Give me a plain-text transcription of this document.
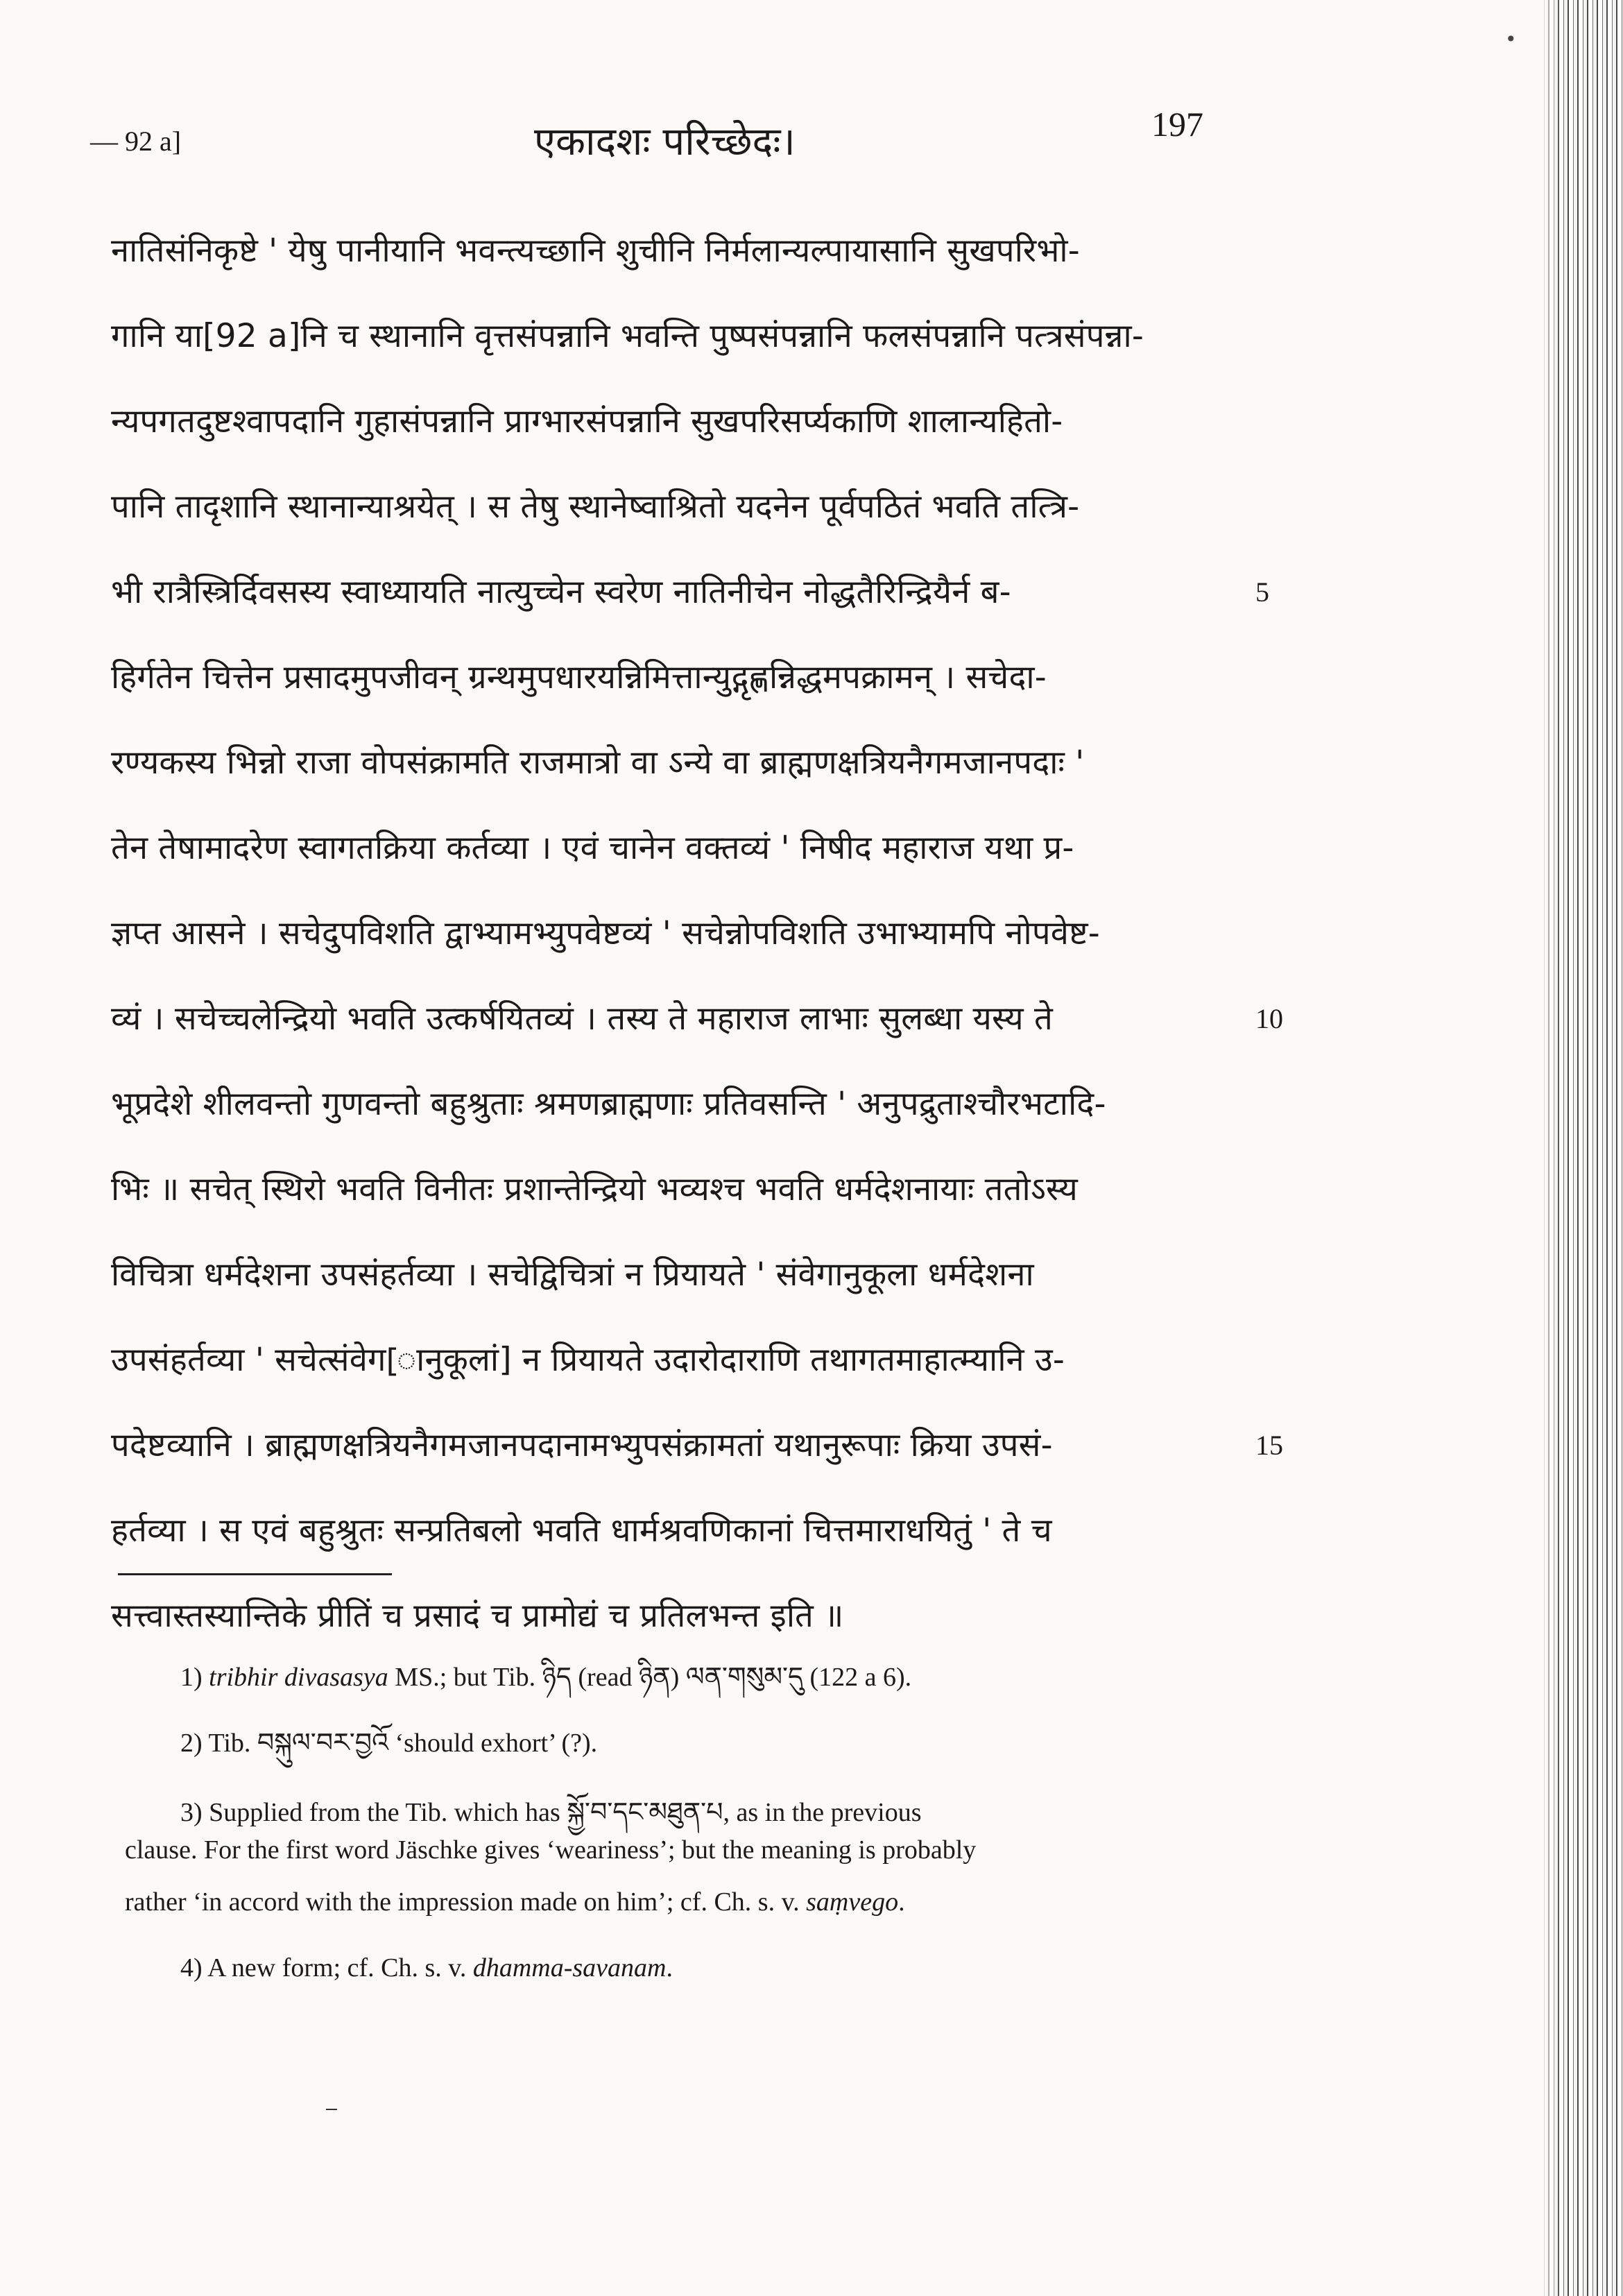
•
— 92 a]	एकादशः परिच्छेदः।	197
नातिसंनिकृष्टे ' येषु पानीयानि भवन्त्यच्छानि शुचीनि निर्मलान्यल्पायासानि सुखपरिभो-
गानि या[92 a]नि च स्थानानि वृत्तसंपन्नानि भवन्ति पुष्पसंपन्नानि फलसंपन्नानि पत्त्रसंपन्ना-
न्यपगतदुष्टश्वापदानि गुहासंपन्नानि प्राग्भारसंपन्नानि सुखपरिसर्प्यकाणि शालान्यहितो-
पानि तादृशानि स्थानान्याश्रयेत् । स तेषु स्थानेष्वाश्रितो यदनेन पूर्वपठितं भवति तत्त्रि-
भी रात्रैस्त्रिर्दिवसस्य स्वाध्यायति नात्युच्चेन स्वरेण नातिनीचेन नोद्धतैरिन्द्रियैर्न ब-	5
हिर्गतेन चित्तेन प्रसादमुपजीवन् ग्रन्थमुपधारयन्निमित्तान्युद्गृह्णन्निद्धमपक्रामन् । सचेदा-
रण्यकस्य भिन्नो राजा वोपसंक्रामति राजमात्रो वा ऽन्ये वा ब्राह्मणक्षत्रियनैगमजानपदाः '
तेन तेषामादरेण स्वागतक्रिया कर्तव्या । एवं चानेन वक्तव्यं ' निषीद महाराज यथा प्र-
ज्ञप्त आसने । सचेदुपविशति द्वाभ्यामभ्युपवेष्टव्यं ' सचेन्नोपविशति उभाभ्यामपि नोपवेष्ट-
व्यं । सचेच्चलेन्द्रियो भवति उत्कर्षयितव्यं । तस्य ते महाराज लाभाः सुलब्धा यस्य ते	10
भूप्रदेशे शीलवन्तो गुणवन्तो बहुश्रुताः श्रमणब्राह्मणाः प्रतिवसन्ति ' अनुपद्रुताश्चौरभटादि-
भिः ॥ सचेत् स्थिरो भवति विनीतः प्रशान्तेन्द्रियो भव्यश्च भवति धर्मदेशनायाः ततोऽस्य
विचित्रा धर्मदेशना उपसंहर्तव्या । सचेद्विचित्रां न प्रियायते ' संवेगानुकूला धर्मदेशना
उपसंहर्तव्या ' सचेत्संवेग[ानुकूलां] न प्रियायते उदारोदाराणि तथागतमाहात्म्यानि उ-
पदेष्टव्यानि । ब्राह्मणक्षत्रियनैगमजानपदानामभ्युपसंक्रामतां यथानुरूपाः क्रिया उपसं-	15
हर्तव्या । स एवं बहुश्रुतः सन्प्रतिबलो भवति धार्मश्रवणिकानां चित्तमाराधयितुं ' ते च
सत्त्वास्तस्यान्तिके प्रीतिं च प्रसादं च प्रामोद्यं च प्रतिलभन्त इति ॥
1) tribhir divasasya MS.; but Tib. ཉིད (read ཉིན) ལན་གསུམ་དུ (122 a 6).
2) Tib. བསྐུལ་བར་བྱའོ ‘should exhort’ (?).
3) Supplied from the Tib. which has སྐྱོ་བ་དང་མཐུན་པ, as in the previous
clause. For the first word Jäschke gives ‘weariness’; but the meaning is probably
rather ‘in accord with the impression made on him’; cf. Ch. s. v. saṃvego.
4) A new form; cf. Ch. s. v. dhamma-savanam.
